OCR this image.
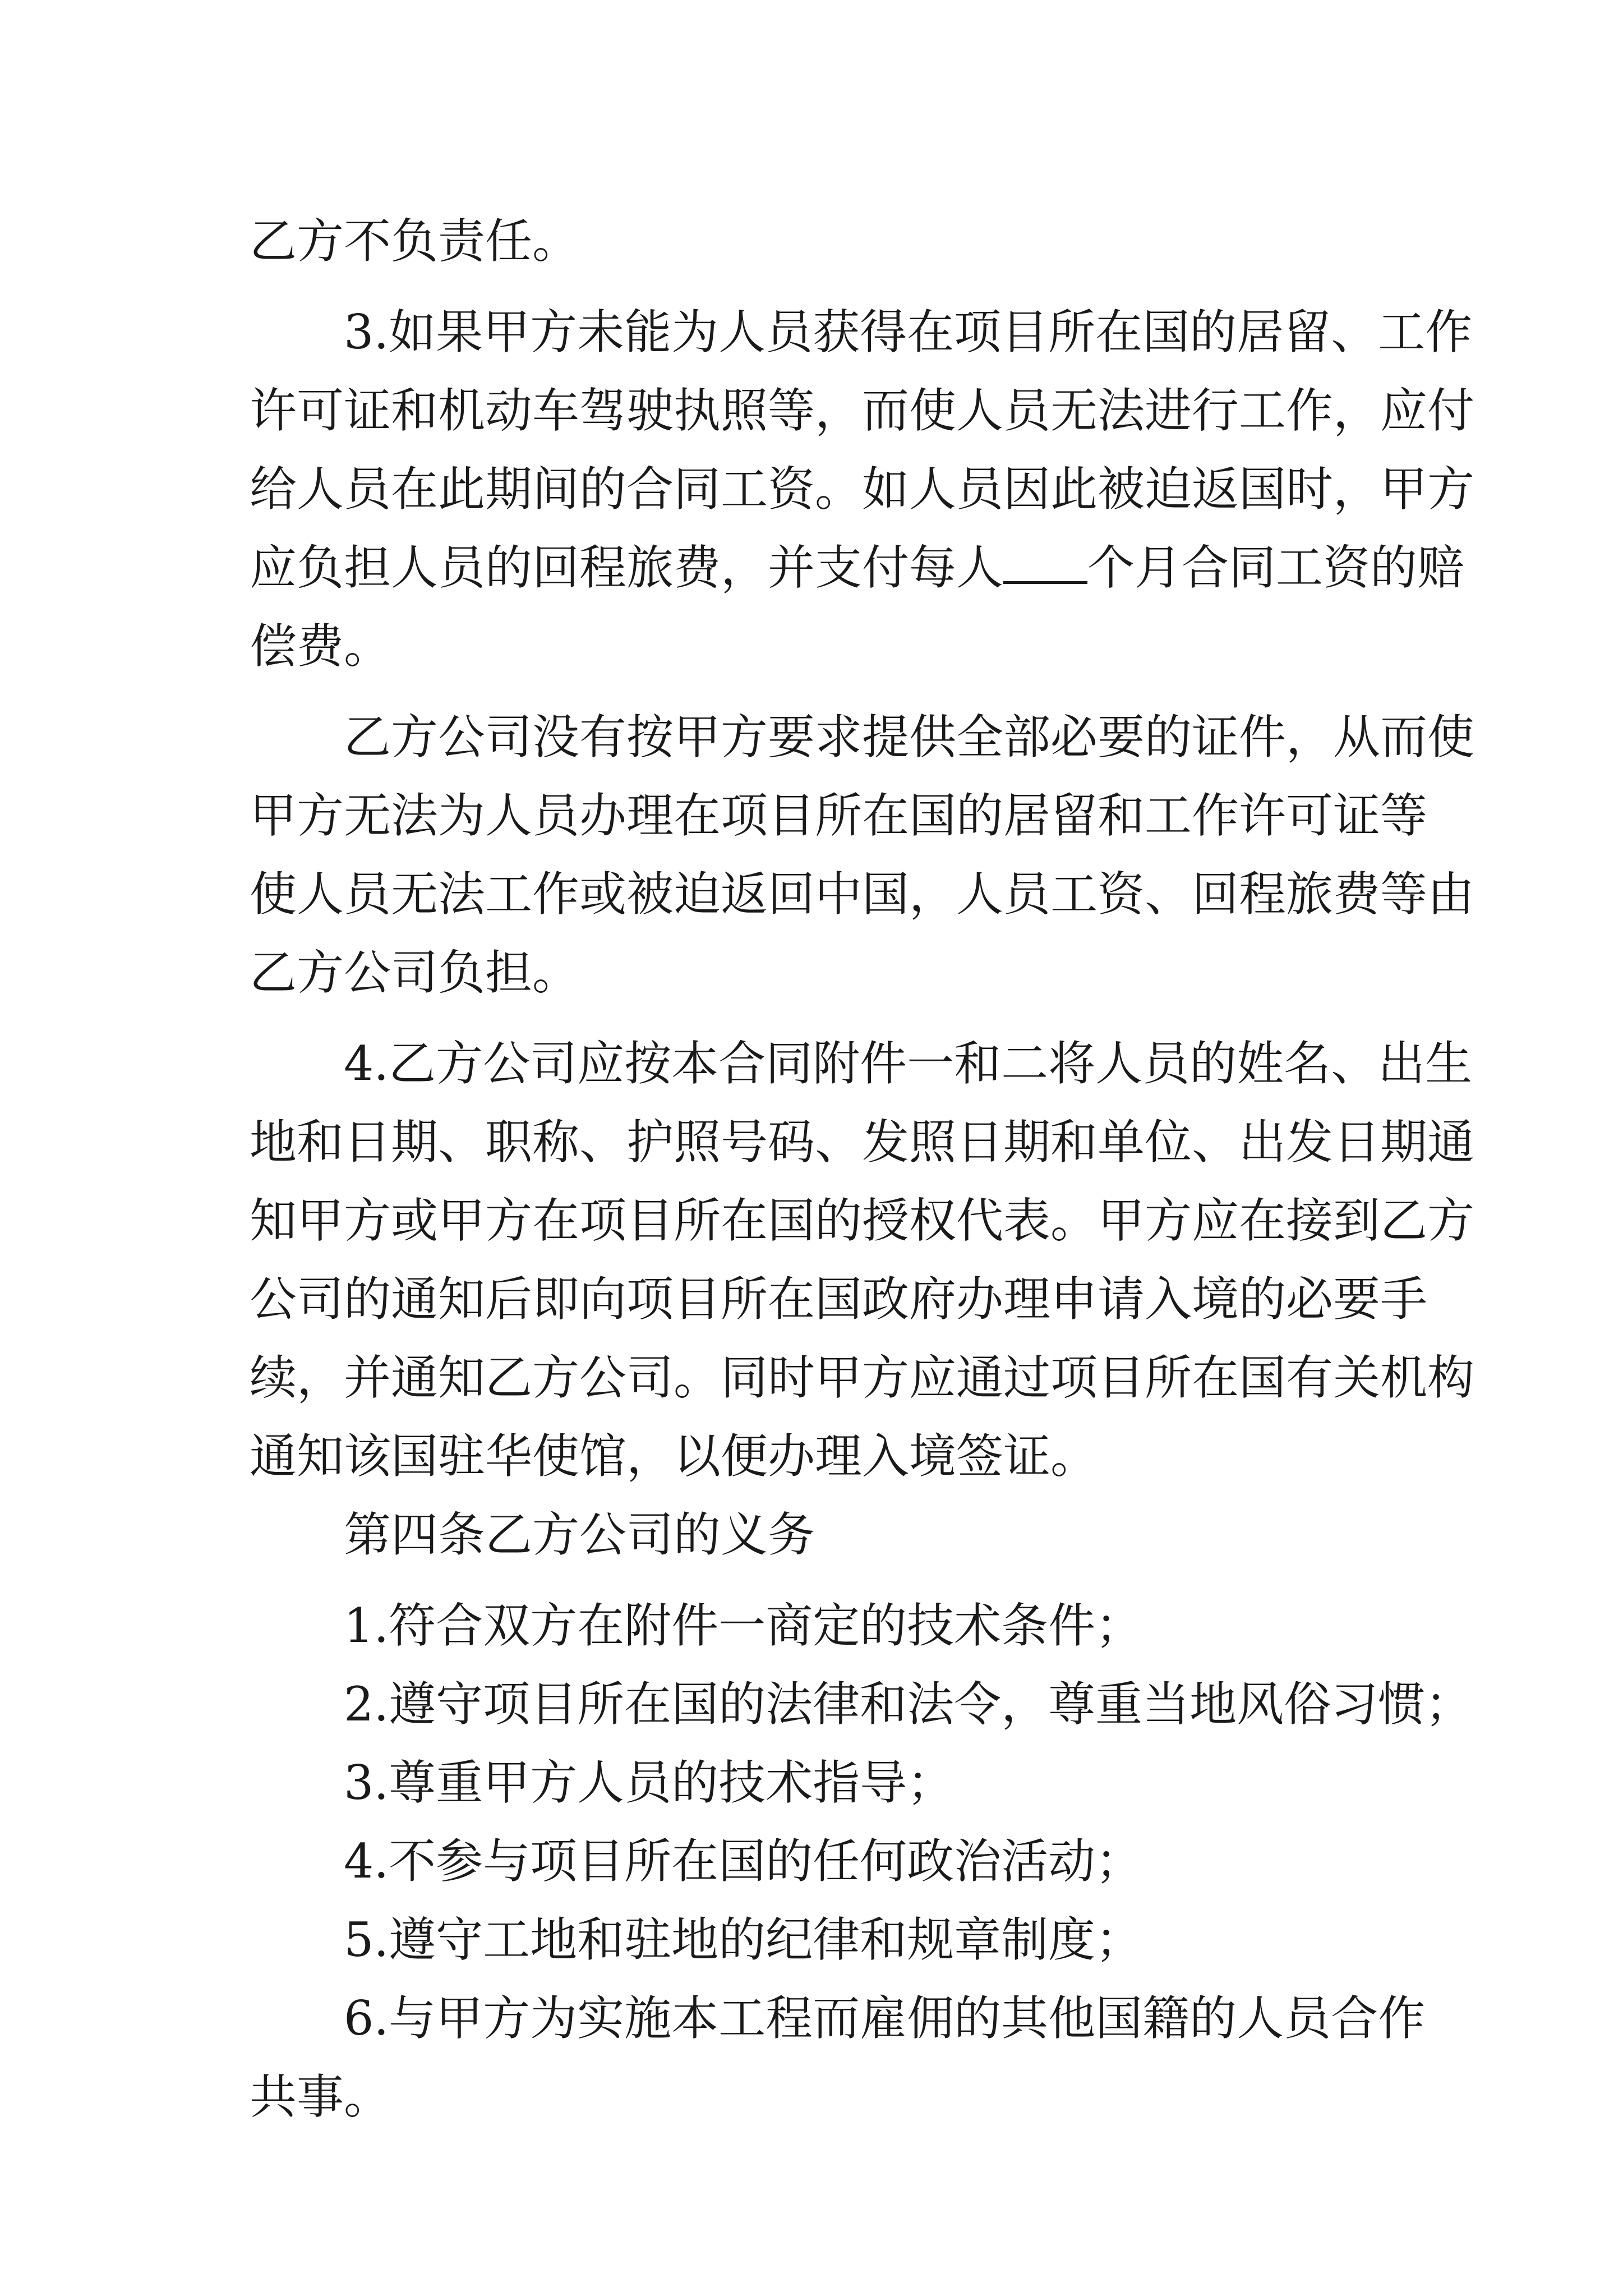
乙方不负责任。
3.如果甲方未能为人员获得在项目所在国的居留、工作
许可证和机动车驾驶执照等，而使人员无法进行工作，应付
给人员在此期间的合同工资。如人员因此被迫返国时，甲方
应负担人员的回程旅费，并支付每人 个月合同工资的赔
偿费。
乙方公司没有按甲方要求提供全部必要的证件，从而使
甲方无法为人员办理在项目所在国的居留和工作许可证等
使人员无法工作或被迫返回中国，人员工资、回程旅费等由
乙方公司负担。
4.乙方公司应按本合同附件一和二将人员的姓名、出生
地和日期、职称、护照号码、发照日期和单位、出发日期通
知甲方或甲方在项目所在国的授权代表。甲方应在接到乙方
公司的通知后即向项目所在国政府办理申请入境的必要手
续，并通知乙方公司。同时甲方应通过项目所在国有关机构
通知该国驻华使馆，以便办理入境签证。
第四条乙方公司的义务
1.符合双方在附件一商定的技术条件；
2.遵守项目所在国的法律和法令，尊重当地风俗习惯；
3.尊重甲方人员的技术指导；
4.不参与项目所在国的任何政治活动；
5.遵守工地和驻地的纪律和规章制度；
6.与甲方为实施本工程而雇佣的其他国籍的人员合作
共事。
